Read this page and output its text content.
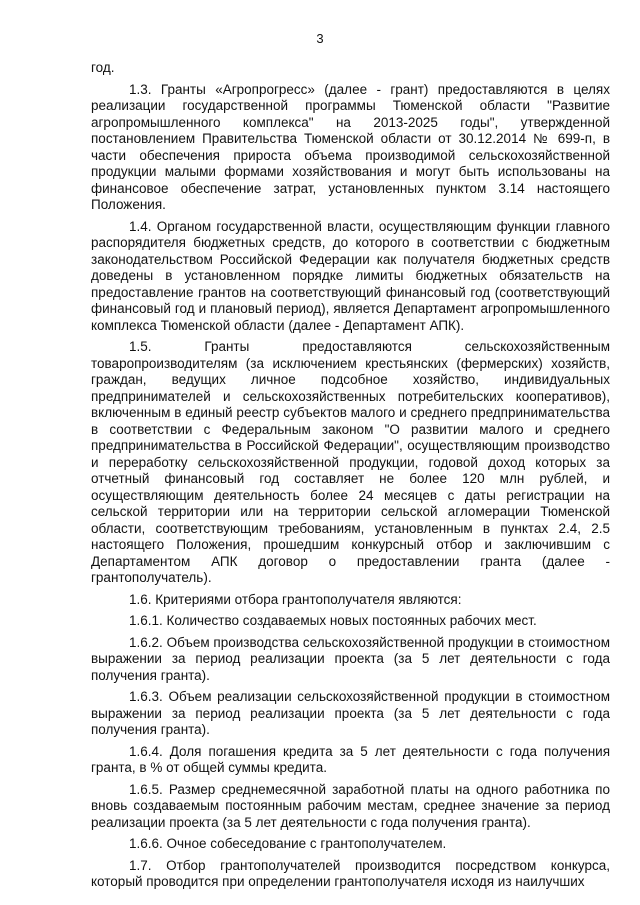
3

год.

1.3. Гранты «Агропрогресс» (далее - грант) предоставляются в целях реализации государственной программы Тюменской области "Развитие агропромышленного комплекса" на 2013-2025 годы", утвержденной постановлением Правительства Тюменской области от 30.12.2014 № 699-п, в части обеспечения прироста объема производимой сельскохозяйственной продукции малыми формами хозяйствования и могут быть использованы на финансовое обеспечение затрат, установленных пунктом 3.14 настоящего Положения.

1.4. Органом государственной власти, осуществляющим функции главного распорядителя бюджетных средств, до которого в соответствии с бюджетным законодательством Российской Федерации как получателя бюджетных средств доведены в установленном порядке лимиты бюджетных обязательств на предоставление грантов на соответствующий финансовый год (соответствующий финансовый год и плановый период), является Департамент агропромышленного комплекса Тюменской области (далее - Департамент АПК).

1.5. Гранты предоставляются сельскохозяйственным товаропроизводителям (за исключением крестьянских (фермерских) хозяйств, граждан, ведущих личное подсобное хозяйство, индивидуальных предпринимателей и сельскохозяйственных потребительских кооперативов), включенным в единый реестр субъектов малого и среднего предпринимательства в соответствии с Федеральным законом "О развитии малого и среднего предпринимательства в Российской Федерации", осуществляющим производство и переработку сельскохозяйственной продукции, годовой доход которых за отчетный финансовый год составляет не более 120 млн рублей, и осуществляющим деятельность более 24 месяцев с даты регистрации на сельской территории или на территории сельской агломерации Тюменской области, соответствующим требованиям, установленным в пунктах 2.4, 2.5 настоящего Положения, прошедшим конкурсный отбор и заключившим с Департаментом АПК договор о предоставлении гранта (далее - грантополучатель).

1.6. Критериями отбора грантополучателя являются:

1.6.1. Количество создаваемых новых постоянных рабочих мест.

1.6.2. Объем производства сельскохозяйственной продукции в стоимостном выражении за период реализации проекта (за 5 лет деятельности с года получения гранта).

1.6.3. Объем реализации сельскохозяйственной продукции в стоимостном выражении за период реализации проекта (за 5 лет деятельности с года получения гранта).

1.6.4. Доля погашения кредита за 5 лет деятельности с года получения гранта, в % от общей суммы кредита.

1.6.5. Размер среднемесячной заработной платы на одного работника по вновь создаваемым постоянным рабочим местам, среднее значение за период реализации проекта (за 5 лет деятельности с года получения гранта).

1.6.6. Очное собеседование с грантополучателем.

1.7. Отбор грантополучателей производится посредством конкурса, который проводится при определении грантополучателя исходя из наилучших
